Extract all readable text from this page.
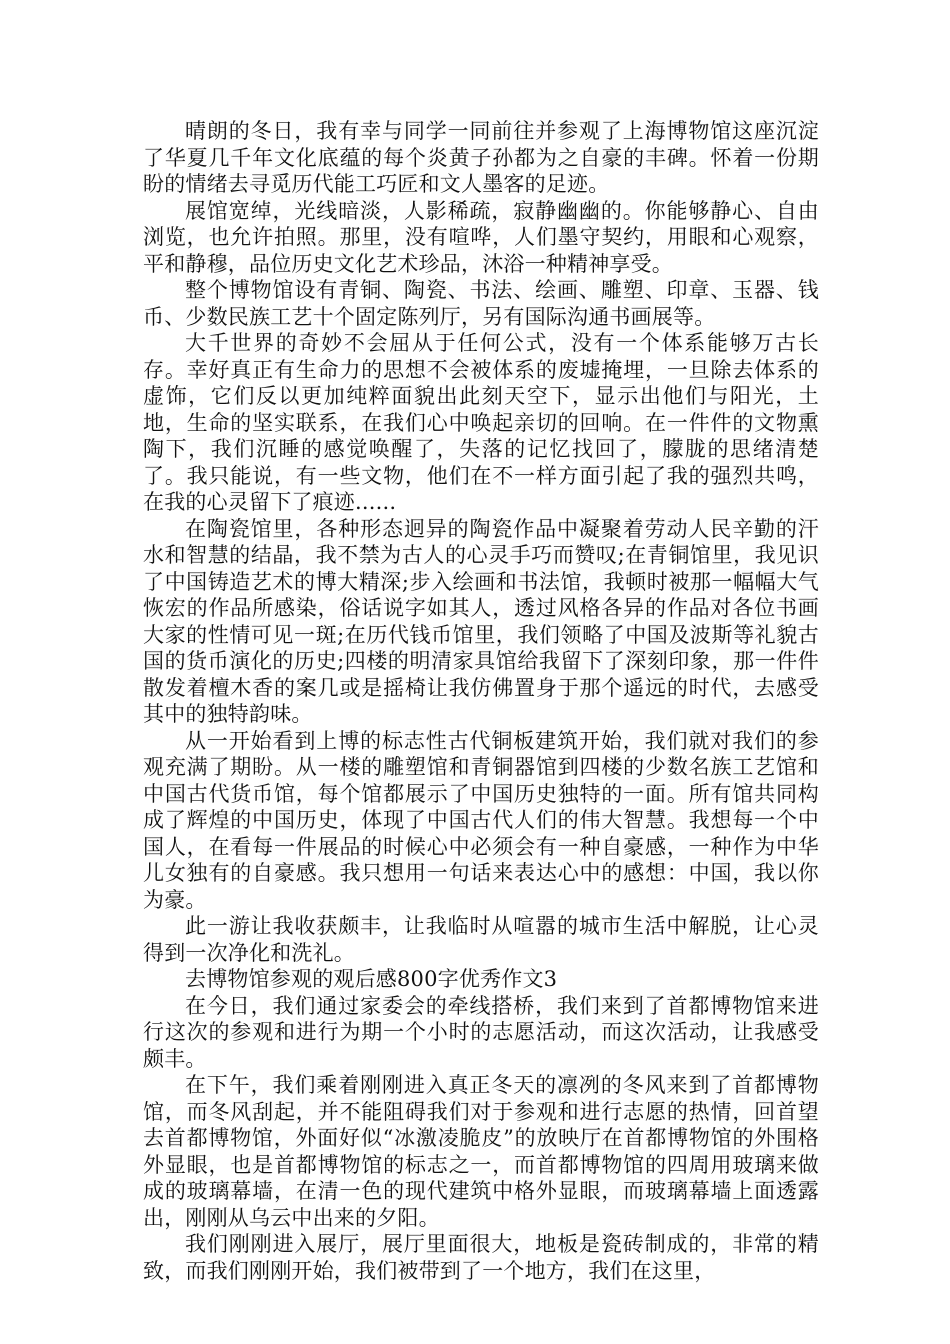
晴朗的冬日，我有幸与同学一同前往并参观了上海博物馆这座沉淀了华夏几千年文化底蕴的每个炎黄子孙都为之自豪的丰碑。怀着一份期盼的情绪去寻觅历代能工巧匠和文人墨客的足迹。

展馆宽绰，光线暗淡，人影稀疏，寂静幽幽的。你能够静心、自由浏览，也允许拍照。那里，没有喧哗，人们墨守契约，用眼和心观察，平和静穆，品位历史文化艺术珍品，沐浴一种精神享受。

整个博物馆设有青铜、陶瓷、书法、绘画、雕塑、印章、玉器、钱币、少数民族工艺十个固定陈列厅，另有国际沟通书画展等。

大千世界的奇妙不会屈从于任何公式，没有一个体系能够万古长存。幸好真正有生命力的思想不会被体系的废墟掩埋，一旦除去体系的虚饰，它们反以更加纯粹面貌出此刻天空下，显示出他们与阳光，土地，生命的坚实联系，在我们心中唤起亲切的回响。在一件件的文物熏陶下，我们沉睡的感觉唤醒了，失落的记忆找回了，朦胧的思绪清楚了。我只能说，有一些文物，他们在不一样方面引起了我的强烈共鸣，在我的心灵留下了痕迹......

在陶瓷馆里，各种形态迥异的陶瓷作品中凝聚着劳动人民辛勤的汗水和智慧的结晶，我不禁为古人的心灵手巧而赞叹;在青铜馆里，我见识了中国铸造艺术的博大精深;步入绘画和书法馆，我顿时被那一幅幅大气恢宏的作品所感染，俗话说字如其人，透过风格各异的作品对各位书画大家的性情可见一斑;在历代钱币馆里，我们领略了中国及波斯等礼貌古国的货币演化的历史;四楼的明清家具馆给我留下了深刻印象，那一件件散发着檀木香的案几或是摇椅让我仿佛置身于那个遥远的时代，去感受其中的独特韵味。

从一开始看到上博的标志性古代铜板建筑开始，我们就对我们的参观充满了期盼。从一楼的雕塑馆和青铜器馆到四楼的少数名族工艺馆和中国古代货币馆，每个馆都展示了中国历史独特的一面。所有馆共同构成了辉煌的中国历史，体现了中国古代人们的伟大智慧。我想每一个中国人，在看每一件展品的时候心中必须会有一种自豪感，一种作为中华儿女独有的自豪感。我只想用一句话来表达心中的感想：中国，我以你为豪。

此一游让我收获颇丰，让我临时从喧嚣的城市生活中解脱，让心灵得到一次净化和洗礼。

去博物馆参观的观后感800字优秀作文3

在今日，我们通过家委会的牵线搭桥，我们来到了首都博物馆来进行这次的参观和进行为期一个小时的志愿活动，而这次活动，让我感受颇丰。

在下午，我们乘着刚刚进入真正冬天的凛冽的冬风来到了首都博物馆，而冬风刮起，并不能阻碍我们对于参观和进行志愿的热情，回首望去首都博物馆，外面好似“冰激凌脆皮”的放映厅在首都博物馆的外围格外显眼，也是首都博物馆的标志之一，而首都博物馆的四周用玻璃来做成的玻璃幕墙，在清一色的现代建筑中格外显眼，而玻璃幕墙上面透露出，刚刚从乌云中出来的夕阳。

我们刚刚进入展厅，展厅里面很大，地板是瓷砖制成的，非常的精致，而我们刚刚开始，我们被带到了一个地方，我们在这里，
